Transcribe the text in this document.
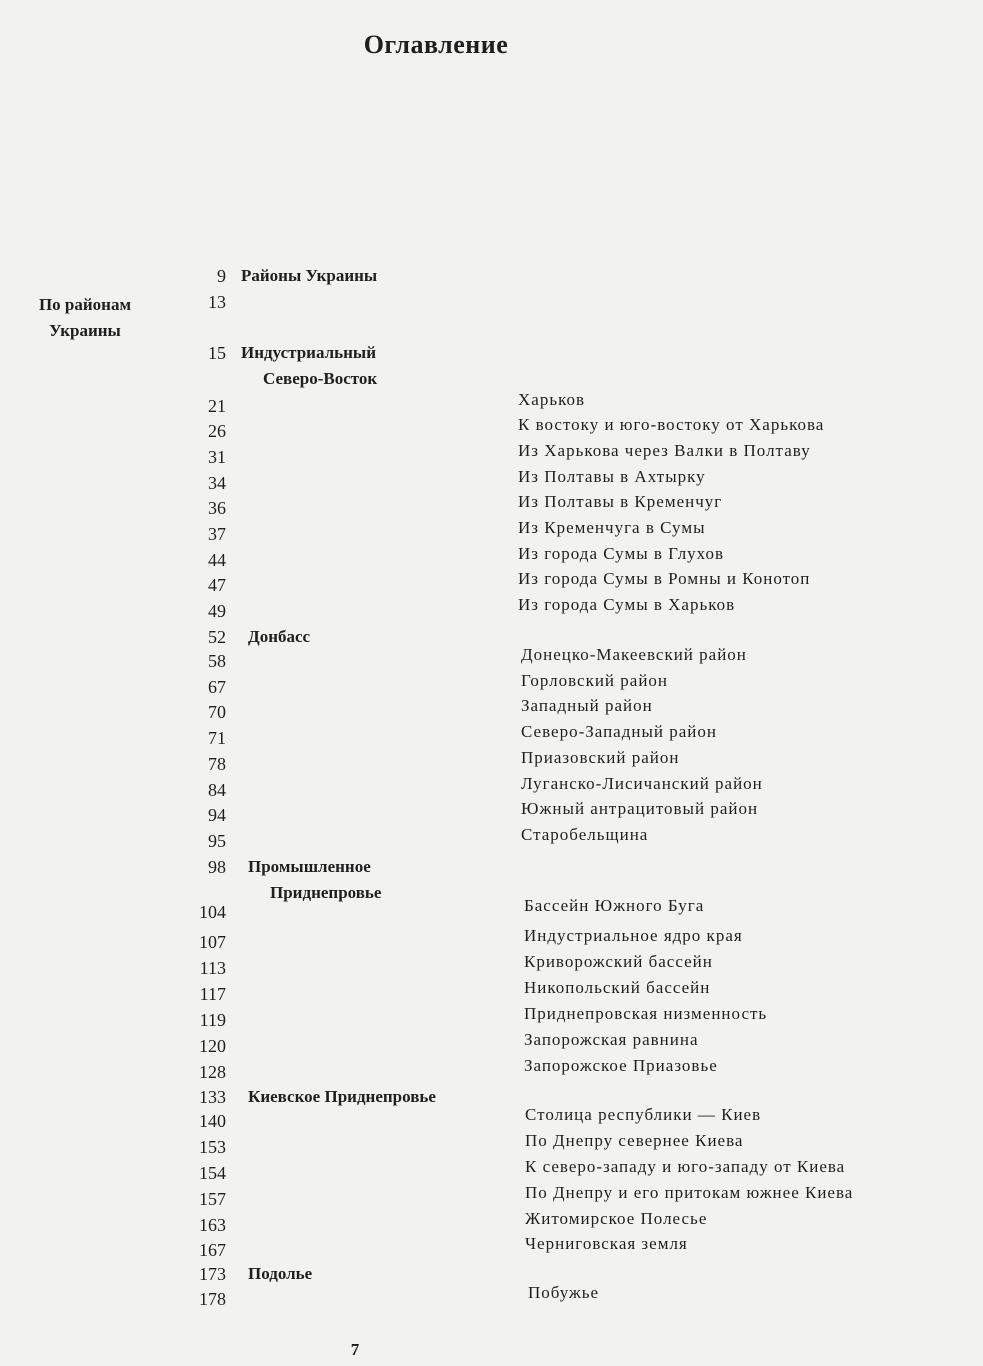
Оглавление
По районам
Украины
9 Районы Украины
13
15 Индустриальный
Северо-Восток
21	Харьков
26	К востоку и юго-востоку от Харькова
31	Из Харькова через Валки в Полтаву
34	Из Полтавы в Ахтырку
36	Из Полтавы в Кременчуг
37	Из Кременчуга в Сумы
44	Из города Сумы в Глухов
47	Из города Сумы в Ромны и Конотоп
49	Из города Сумы в Харьков
52 Донбасс
58	Донецко-Макеевский район
67	Горловский район
70	Западный район
71	Северо-Западный район
78	Приазовский район
84	Луганско-Лисичанский район
94	Южный антрацитовый район
95	Старобельщина
98 Промышленное
Приднепровье
104	Бассейн Южного Буга
107	Индустриальное ядро края
113	Криворожский бассейн
117	Никопольский бассейн
119	Приднепровская низменность
120	Запорожская равнина
128	Запорожское Приазовье
133 Киевское Приднепровье
140	Столица республики — Киев
153	По Днепру севернее Киева
154	К северо-западу и юго-западу от Киева
157	По Днепру и его притокам южнее Киева
163	Житомирское Полесье
167	Черниговская земля
173 Подолье
178	Побужье
7
